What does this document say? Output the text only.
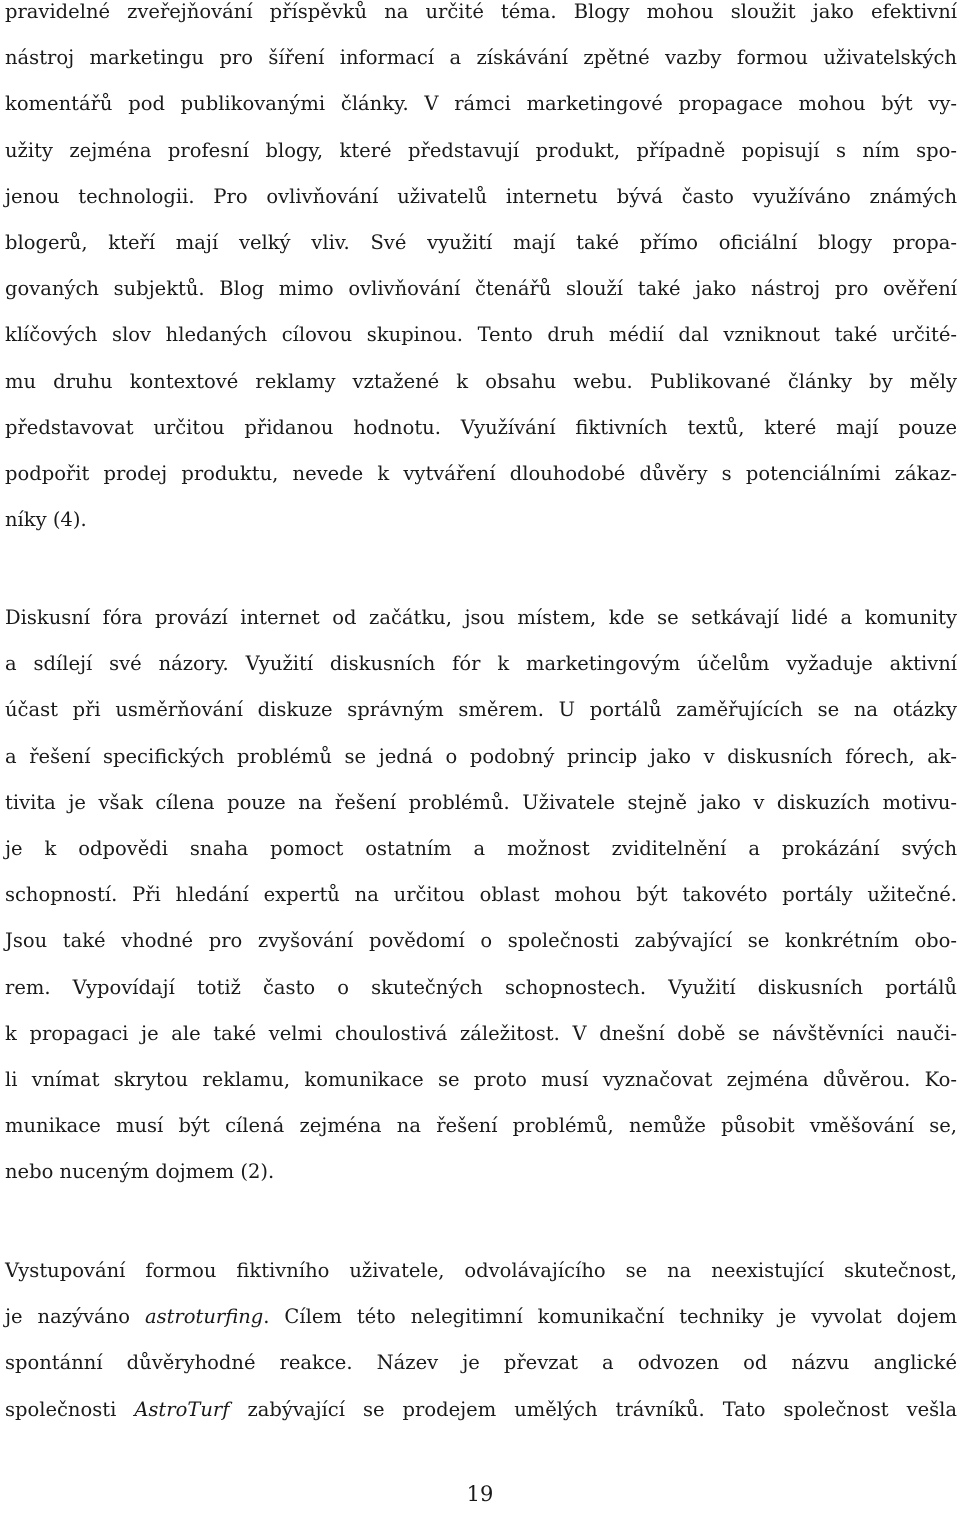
pravidelné zveřejňování příspěvků na určité téma. Blogy mohou sloužit jako efektivní
nástroj marketingu pro šíření informací a získávání zpětné vazby formou uživatelských
komentářů pod publikovanými články. V rámci marketingové propagace mohou být vy-
užity zejména profesní blogy, které představují produkt, případně popisují s ním spo-
jenou technologii. Pro ovlivňování uživatelů internetu bývá často využíváno známých
blogerů, kteří mají velký vliv. Své využití mají také přímo oficiální blogy propa-
govaných subjektů. Blog mimo ovlivňování čtenářů slouží také jako nástroj pro ověření
klíčových slov hledaných cílovou skupinou. Tento druh médií dal vzniknout také určité-
mu druhu kontextové reklamy vztažené k obsahu webu. Publikované články by měly
představovat určitou přidanou hodnotu. Využívání fiktivních textů, které mají pouze
podpořit prodej produktu, nevede k vytváření dlouhodobé důvěry s potenciálními zákaz-
níky (4).
Diskusní fóra provází internet od začátku, jsou místem, kde se setkávají lidé a komunity
a sdílejí své názory. Využití diskusních fór k marketingovým účelům vyžaduje aktivní
účast při usměrňování diskuze správným směrem. U portálů zaměřujících se na otázky
a řešení specifických problémů se jedná o podobný princip jako v diskusních fórech, ak-
tivita je však cílena pouze na řešení problémů. Uživatele stejně jako v diskuzích motivu-
je k odpovědi snaha pomoct ostatním a možnost zviditelnění a prokázání svých
schopností. Při hledání expertů na určitou oblast mohou být takovéto portály užitečné.
Jsou také vhodné pro zvyšování povědomí o společnosti zabývající se konkrétním obo-
rem. Vypovídají totiž často o skutečných schopnostech. Využití diskusních portálů
k propagaci je ale také velmi choulostivá záležitost. V dnešní době se návštěvníci nauči-
li vnímat skrytou reklamu, komunikace se proto musí vyznačovat zejména důvěrou. Ko-
munikace musí být cílená zejména na řešení problémů, nemůže působit vměšování se,
nebo nuceným dojmem (2).
Vystupování formou fiktivního uživatele, odvolávajícího se na neexistující skutečnost,
je nazýváno astroturfing. Cílem této nelegitimní komunikační techniky je vyvolat dojem
spontánní důvěryhodné reakce. Název je převzat a odvozen od názvu anglické
společnosti AstroTurf zabývající se prodejem umělých trávníků. Tato společnost vešla
19
